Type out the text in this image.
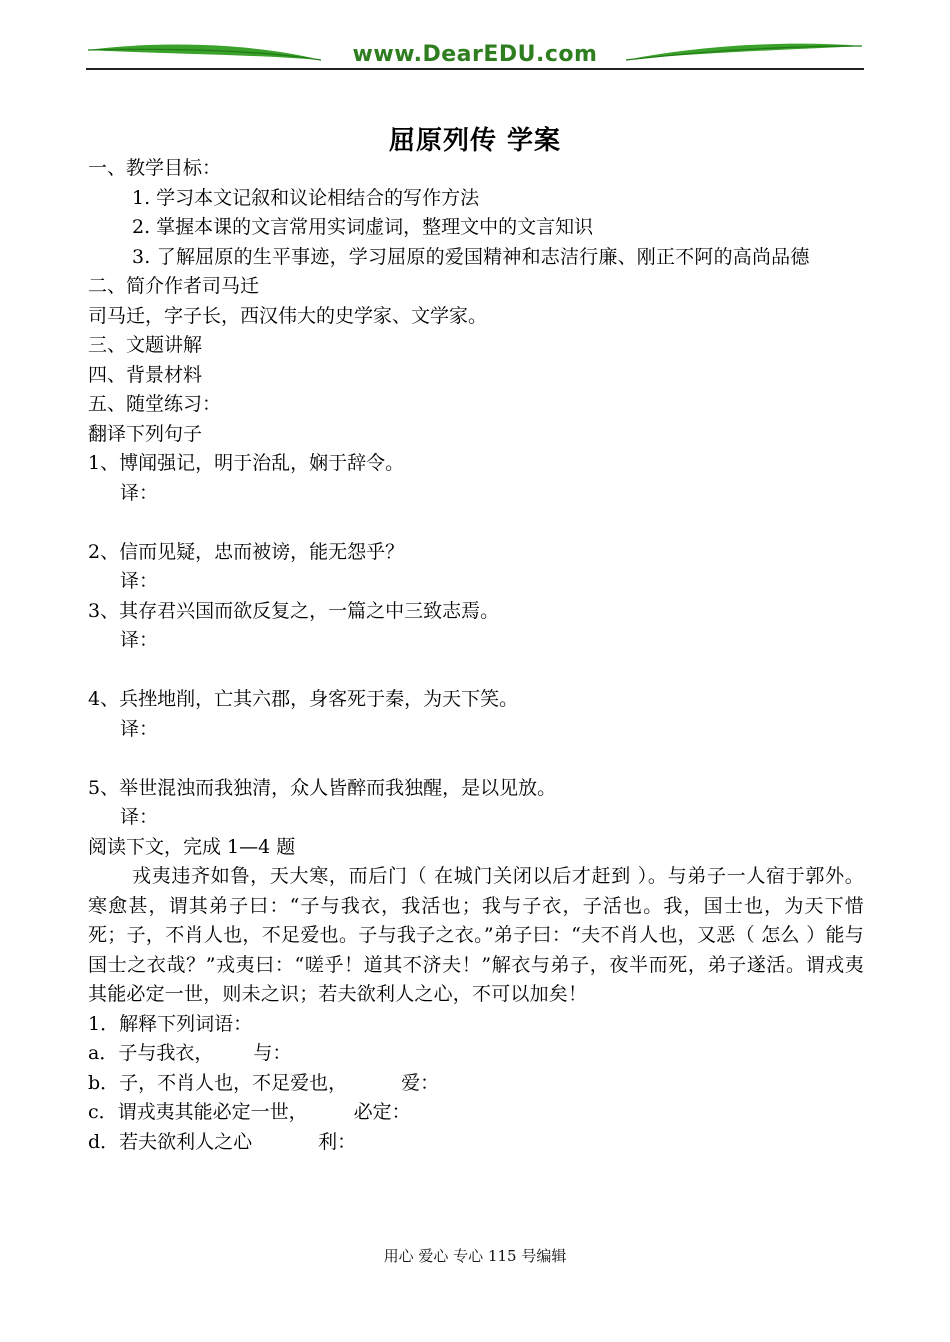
www.DearEDU.com
屈原列传 学案
一、教学目标：
1. 学习本文记叙和议论相结合的写作方法
2. 掌握本课的文言常用实词虚词，整理文中的文言知识
3. 了解屈原的生平事迹，学习屈原的爱国精神和志洁行廉、刚正不阿的高尚品德
二、简介作者司马迁
司马迁，字子长，西汉伟大的史学家、文学家。
三、文题讲解
四、背景材料
五、随堂练习：
翻译下列句子
1、博闻强记，明于治乱，娴于辞令。
译：
2、信而见疑，忠而被谤，能无怨乎？
译：
3、其存君兴国而欲反复之，一篇之中三致志焉。
译：
4、兵挫地削，亡其六郡，身客死于秦，为天下笑。
译：
5、举世混浊而我独清，众人皆醉而我独醒，是以见放。
译：
阅读下文，完成 1—4 题
戎夷违齐如鲁，天大寒，而后门（ 在城门关闭以后才赶到 ）。与弟子一人宿于郭外。寒愈甚，谓其弟子曰：“子与我衣，我活也；我与子衣，子活也。我，国士也，为天下惜死；子，不肖人也，不足爱也。子与我子之衣。”弟子曰：“夫不肖人也，又恶（ 怎么 ）能与国士之衣哉？”戎夷曰：“嗟乎！道其不济夫！”解衣与弟子，夜半而死，弟子遂活。谓戎夷其能必定一世，则未之识；若夫欲利人之心，不可以加矣！
1．解释下列词语：
a．子与我衣， 与：
b．子，不肖人也，不足爱也，	爱：
c．谓戎夷其能必定一世， 必定：
d．若夫欲利人之心	利：
用心 爱心 专心 115 号编辑
